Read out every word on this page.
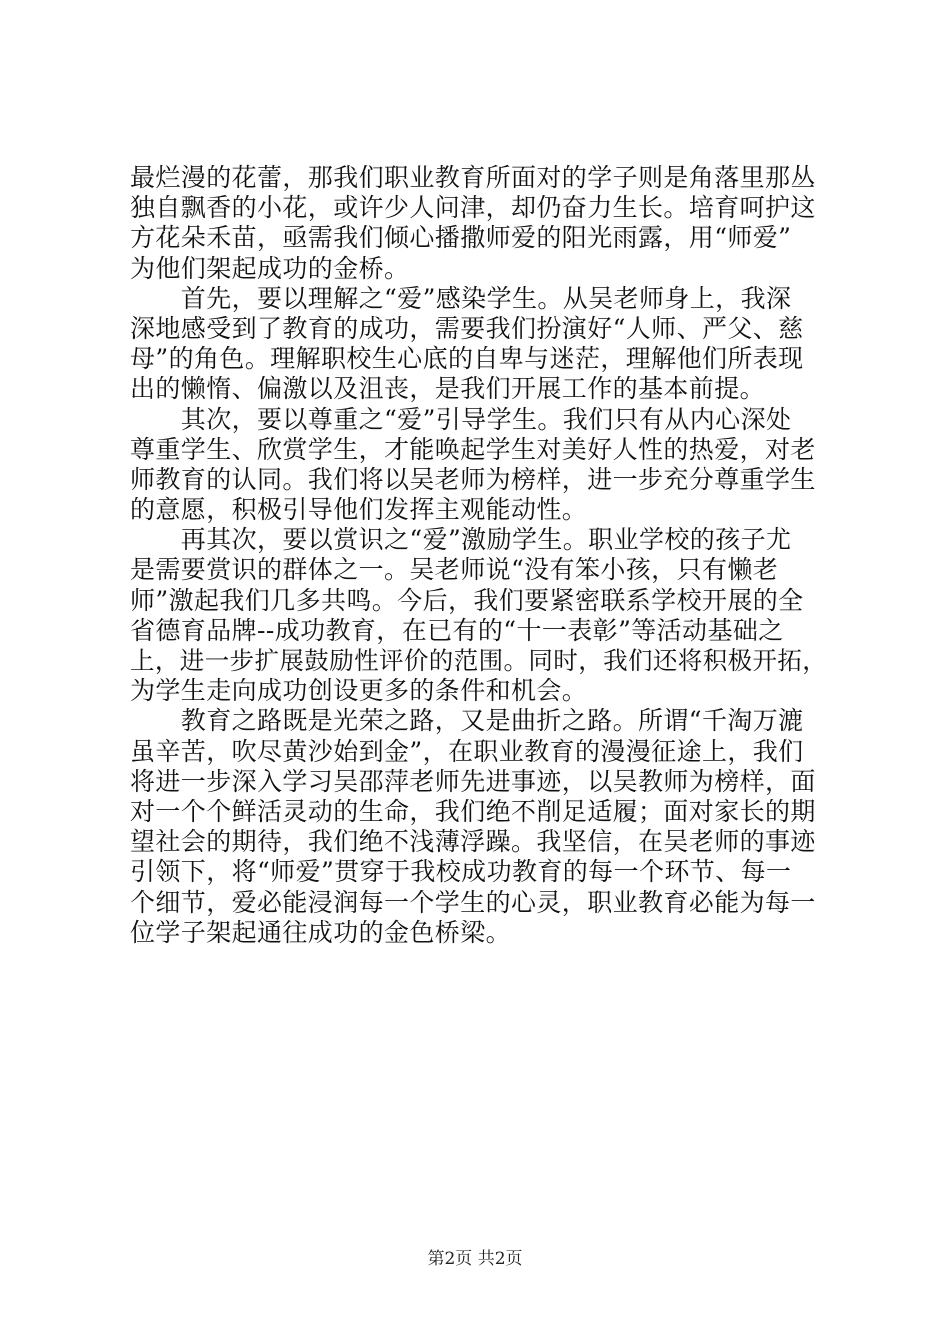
最烂漫的花蕾，那我们职业教育所面对的学子则是角落里那丛
独自飘香的小花，或许少人问津，却仍奋力生长。培育呵护这
方花朵禾苗，亟需我们倾心播撒师爱的阳光雨露，用“师爱”
为他们架起成功的金桥。
　　首先，要以理解之“爱”感染学生。从吴老师身上，我深
深地感受到了教育的成功，需要我们扮演好“人师、严父、慈
母”的角色。理解职校生心底的自卑与迷茫，理解他们所表现
出的懒惰、偏激以及沮丧，是我们开展工作的基本前提。
　　其次，要以尊重之“爱”引导学生。我们只有从内心深处
尊重学生、欣赏学生，才能唤起学生对美好人性的热爱，对老
师教育的认同。我们将以吴老师为榜样，进一步充分尊重学生
的意愿，积极引导他们发挥主观能动性。
　　再其次，要以赏识之“爱”激励学生。职业学校的孩子尤
是需要赏识的群体之一。吴老师说“没有笨小孩，只有懒老
师”激起我们几多共鸣。今后，我们要紧密联系学校开展的全
省德育品牌--成功教育，在已有的“十一表彰”等活动基础之
上，进一步扩展鼓励性评价的范围。同时，我们还将积极开拓，
为学生走向成功创设更多的条件和机会。
　　教育之路既是光荣之路，又是曲折之路。所谓“千淘万漉
虽辛苦，吹尽黄沙始到金”，在职业教育的漫漫征途上，我们
将进一步深入学习吴邵萍老师先进事迹，以吴教师为榜样，面
对一个个鲜活灵动的生命，我们绝不削足适履；面对家长的期
望社会的期待，我们绝不浅薄浮躁。我坚信，在吴老师的事迹
引领下，将“师爱”贯穿于我校成功教育的每一个环节、每一
个细节，爱必能浸润每一个学生的心灵，职业教育必能为每一
位学子架起通往成功的金色桥梁。
第2页 共2页
